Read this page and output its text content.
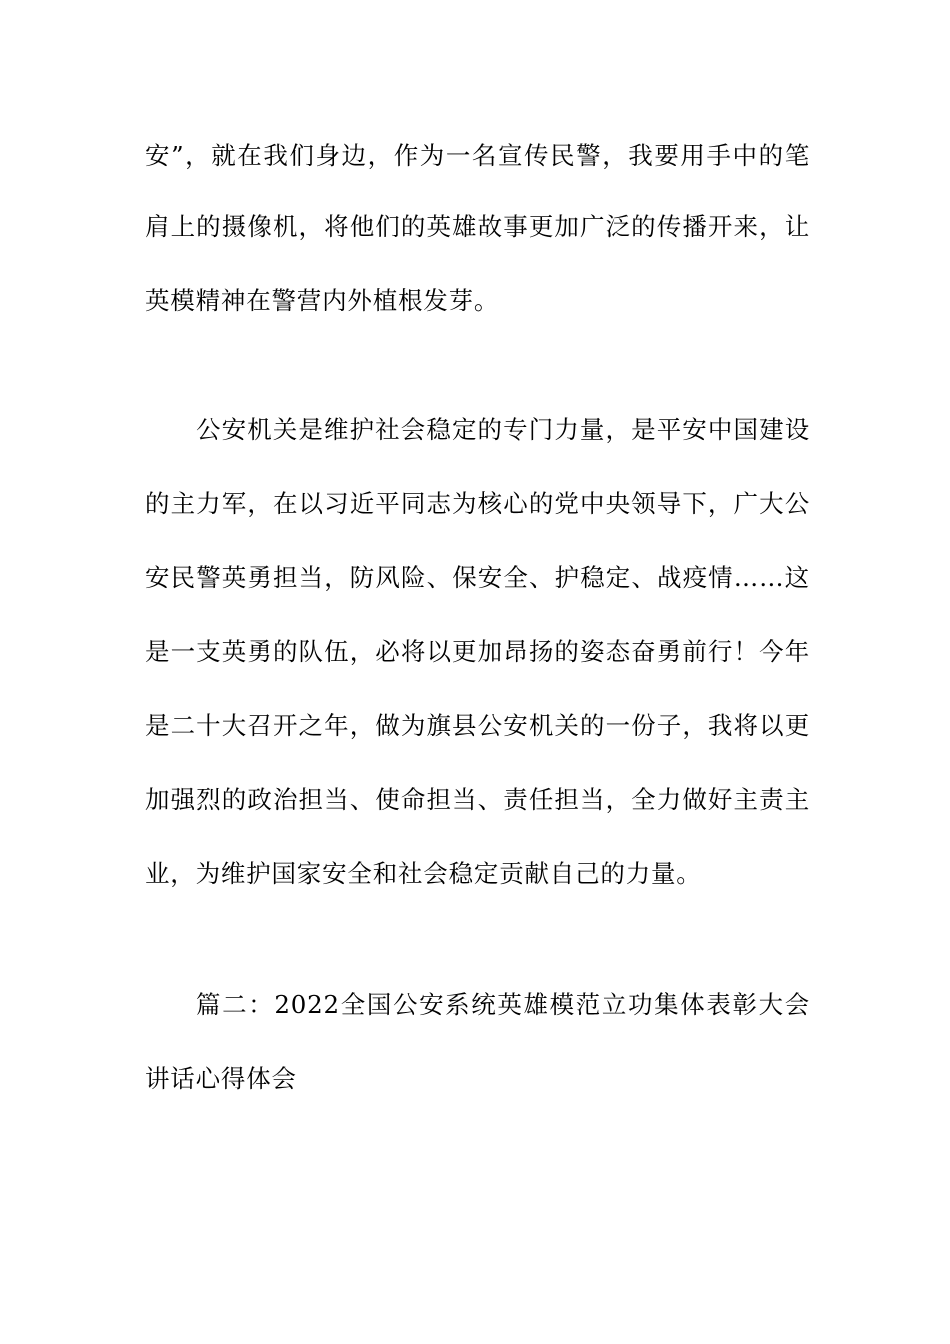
安”，就在我们身边，作为一名宣传民警，我要用手中的笔
肩上的摄像机，将他们的英雄故事更加广泛的传播开来，让
英模精神在警营内外植根发芽。
公安机关是维护社会稳定的专门力量，是平安中国建设
的主力军，在以习近平同志为核心的党中央领导下，广大公
安民警英勇担当，防风险、保安全、护稳定、战疫情……这
是一支英勇的队伍，必将以更加昂扬的姿态奋勇前行！今年
是二十大召开之年，做为旗县公安机关的一份子，我将以更
加强烈的政治担当、使命担当、责任担当，全力做好主责主
业，为维护国家安全和社会稳定贡献自己的力量。
篇二：2022全国公安系统英雄模范立功集体表彰大会
讲话心得体会
